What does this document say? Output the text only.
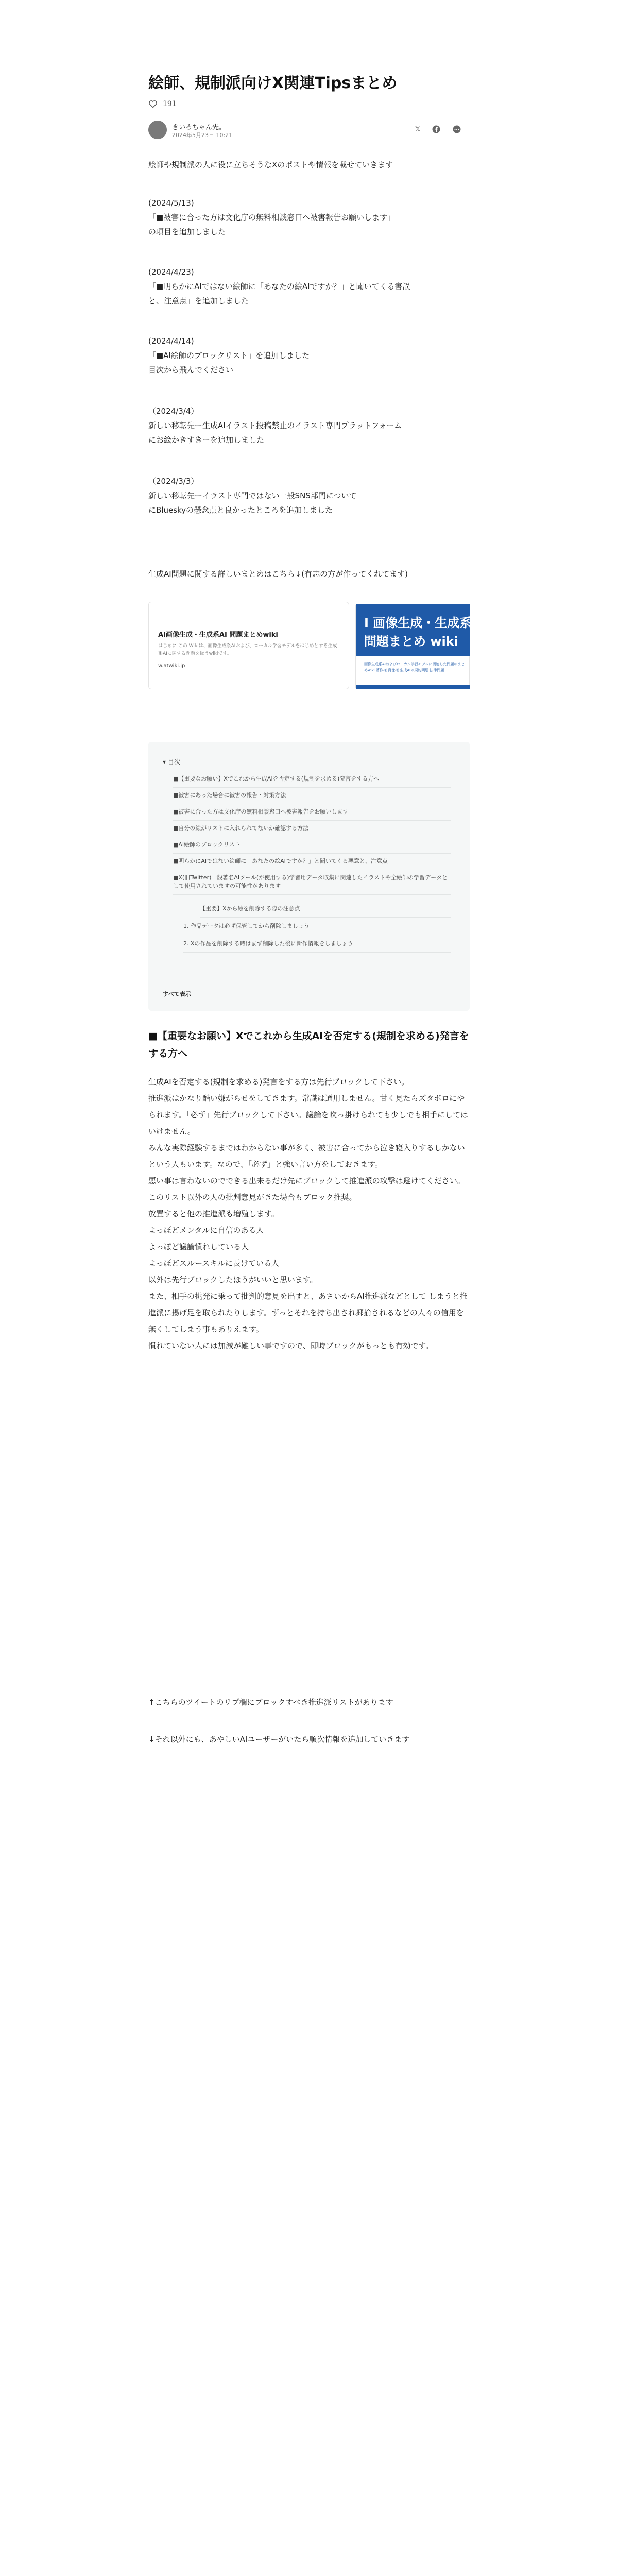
絵師、規制派向けX関連Tipsまとめ
191
きいろちゃん先。
2024年5月23日 10:21
𝕏
絵師や規制派の人に役に立ちそうなXのポストや情報を載せていきます
(2024/5/13)
「■被害に合った方は文化庁の無料相談窓口へ被害報告お願いします」
の項目を追加しました
(2024/4/23)
「■明らかにAIではない絵師に「あなたの絵AIですか？」と聞いてくる害誤
と、注意点」を追加しました
(2024/4/14)
「■AI絵師のブロックリスト」を追加しました
目次から飛んでください
（2024/3/4）
新しい移転先ー生成AIイラスト投稿禁止のイラスト専門プラットフォーム
にお絵かきすきーを追加しました
（2024/3/3）
新しい移転先ーイラスト専門ではない一般SNS部門について
にBlueskyの懸念点と良かったところを追加しました
生成AI問題に関する詳しいまとめはこちら↓(有志の方が作ってくれてます)
AI画像生成・生成系AI 問題まとめwiki
はじめに この Wikiは、画像生成系AIおよび、ローカル学習モデルをはじめとする生成系AIに関する問題を扱うwikiです。
w.atwiki.jp
I 画像生成・生成系 A
問題まとめ wiki
画像生成系AIおよびローカル学習モデルに関連した問題のまとめwiki 著作権 肖像権 生成AIの規約問題 法律問題
▾ 目次
■【重要なお願い】Xでこれから生成AIを否定する(規制を求める)発言をする方へ
■被害にあった場合に被害の報告・対策方法
■被害に合った方は文化庁の無料相談窓口へ被害報告をお願いします
■自分の絵がリストに入れられてないか確認する方法
■AI絵師のブロックリスト
■明らかにAIではない絵師に「あなたの絵AIですか？」と聞いてくる悪意と、注意点
■X(旧Twitter)一般著名AIツール(が使用する)学習用データ収集に関連したイラストや全絵師の学習データとして使用されていますの可能性があります
【重要】Xから絵を削除する際の注意点
1. 作品データは必ず保管してから削除しましょう
2. Xの作品を削除する時はまず削除した後に新作情報をしましょう
すべて表示
■【重要なお願い】Xでこれから生成AIを否定する(規制を求める)発言をする方へ
生成AIを否定する(規制を求める)発言をする方は先行ブロックして下さい。
推進派はかなり酷い嫌がらせをしてきます。常識は通用しません。甘く見たらズタボロにやられます。「必ず」先行ブロックして下さい。議論を吹っ掛けられても少しでも相手にしてはいけません。
みんな実際経験するまではわからない事が多く、被害に合ってから泣き寝入りするしかないという人もいます。なので、「必ず」と強い言い方をしておきます。
悪い事は言わないのでできる出来るだけ先にブロックして推進派の攻撃は避けてください。
このリスト以外の人の批判意見がきた場合もブロック推奨。
放置すると他の推進派も増殖します。
よっぽどメンタルに自信のある人
よっぽど議論慣れしている人
よっぽどスルースキルに長けている人
以外は先行ブロックしたほうがいいと思います。
また、相手の挑発に乗って批判的意見を出すと、あさいからAI推進派などとして しまうと推進派に揚げ足を取られたりします。ずっとそれを持ち出され揶揄されるなどの人々の信用を無くしてしまう事もありえます。
慣れていない人には加減が難しい事ですので、即時ブロックがもっとも有効です。
↑こちらのツイートのリプ欄にブロックすべき推進派リストがあります
↓それ以外にも、あやしいAIユーザーがいたら順次情報を追加していきます
